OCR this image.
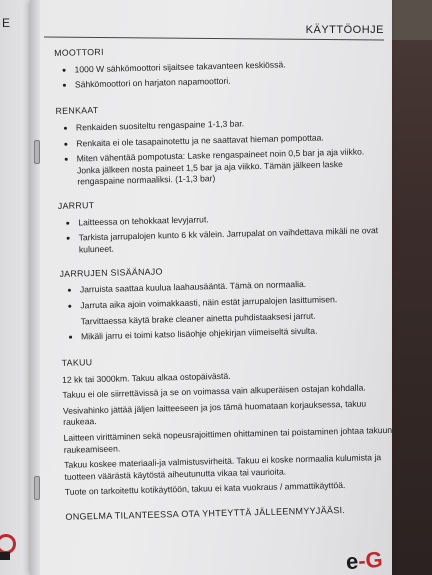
E	KÄYTTÖOHJE
MOOTTORI
• 1000 W sähkömoottori sijaitsee takavanteen keskiössä.
• Sähkömoottori on harjaton napamoottori.
RENKAAT
• Renkaiden suositeltu rengaspaine 1-1,3 bar.
• Renkaita ei ole tasapainotettu ja ne saattavat hieman pompottaa.
• Miten vähentää pompotusta: Laske rengaspaineet noin 0,5 bar ja aja viikko. Jonka jälkeen nosta paineet 1,5 bar ja aja viikko. Tämän jälkeen laske rengaspaine normaaliksi. (1-1,3 bar)
JARRUT
• Laitteessa on tehokkaat levyjarrut.
• Tarkista jarrupalojen kunto 6 kk välein. Jarrupalat on vaihdettava mikäli ne ovat kuluneet.
JARRUJEN SISÄÄNAJO
• Jarruista saattaa kuulua laahausääntä. Tämä on normaalia.
• Jarruta aika ajoin voimakkaasti, näin estät jarrupalojen lasittumisen.
Tarvittaessa käytä brake cleaner ainetta puhdistaaksesi jarrut.
• Mikäli jarru ei toimi katso lisäohje ohjekirjan viimeiseltä sivulta.
TAKUU
12 kk tai 3000km. Takuu alkaa ostopäivästä.
Takuu ei ole siirrettävissä ja se on voimassa vain alkuperäisen ostajan kohdalla.
Vesivahinko jättää jäljen laitteeseen ja jos tämä huomataan korjauksessa, takuu raukeaa.
Laitteen virittäminen sekä nopeusrajoittimen ohittaminen tai poistaminen johtaa takuun raukeamiseen.
Takuu koskee materiaali-ja valmistusvirheitä. Takuu ei koske normaalia kulumista ja tuotteen väärästä käytöstä aiheutunutta vikaa tai vaurioita.
Tuote on tarkoitettu kotikäyttöön, takuu ei kata vuokraus / ammattikäyttöä.
ONGELMA TILANTEESSA OTA YHTEYTTÄ JÄLLEENMYYJÄÄSI.
e-G
